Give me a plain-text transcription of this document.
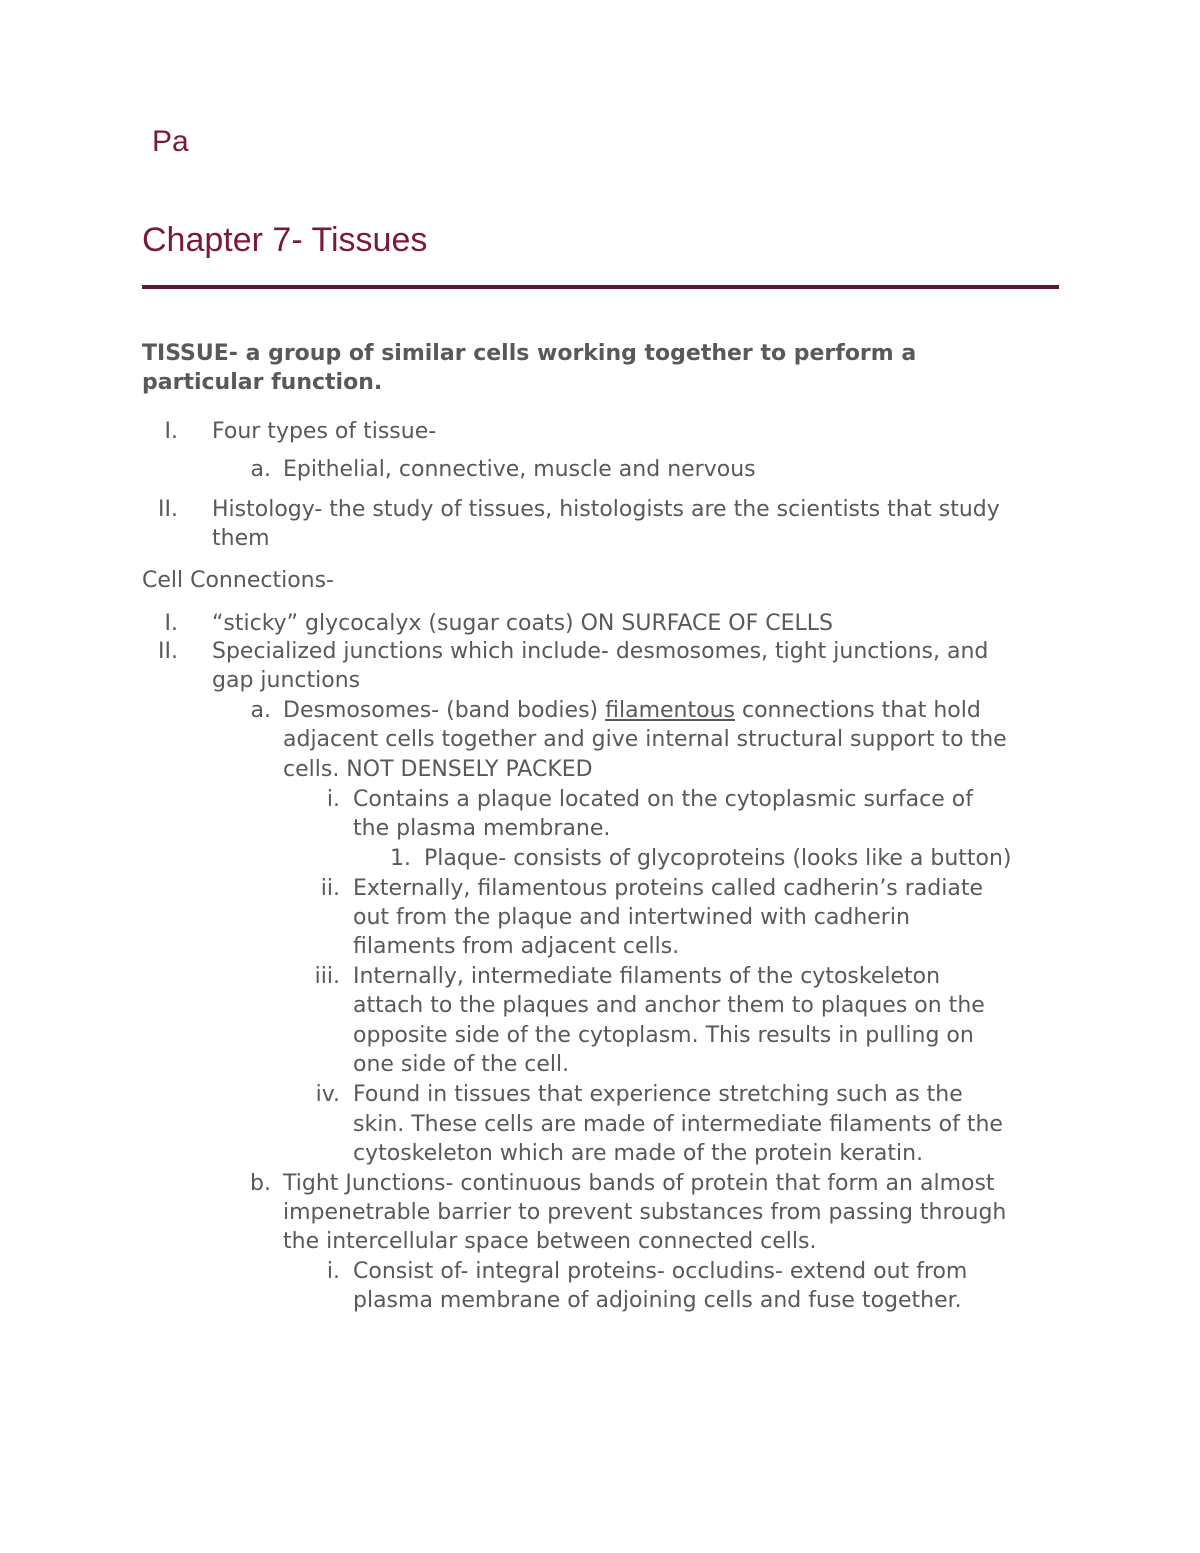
Pa
Chapter 7- Tissues
TISSUE- a group of similar cells working together to perform a
particular function.
I. Four types of tissue-
a. Epithelial, connective, muscle and nervous
II. Histology- the study of tissues, histologists are the scientists that study
them
Cell Connections-
I. “sticky” glycocalyx (sugar coats) ON SURFACE OF CELLS
II. Specialized junctions which include- desmosomes, tight junctions, and
gap junctions
a. Desmosomes- (band bodies) filamentous connections that hold
adjacent cells together and give internal structural support to the
cells. NOT DENSELY PACKED
i. Contains a plaque located on the cytoplasmic surface of
the plasma membrane.
1. Plaque- consists of glycoproteins (looks like a button)
ii. Externally, filamentous proteins called cadherin’s radiate
out from the plaque and intertwined with cadherin
filaments from adjacent cells.
iii. Internally, intermediate filaments of the cytoskeleton
attach to the plaques and anchor them to plaques on the
opposite side of the cytoplasm. This results in pulling on
one side of the cell.
iv. Found in tissues that experience stretching such as the
skin. These cells are made of intermediate filaments of the
cytoskeleton which are made of the protein keratin.
b. Tight Junctions- continuous bands of protein that form an almost
impenetrable barrier to prevent substances from passing through
the intercellular space between connected cells.
i. Consist of- integral proteins- occludins- extend out from
plasma membrane of adjoining cells and fuse together.
